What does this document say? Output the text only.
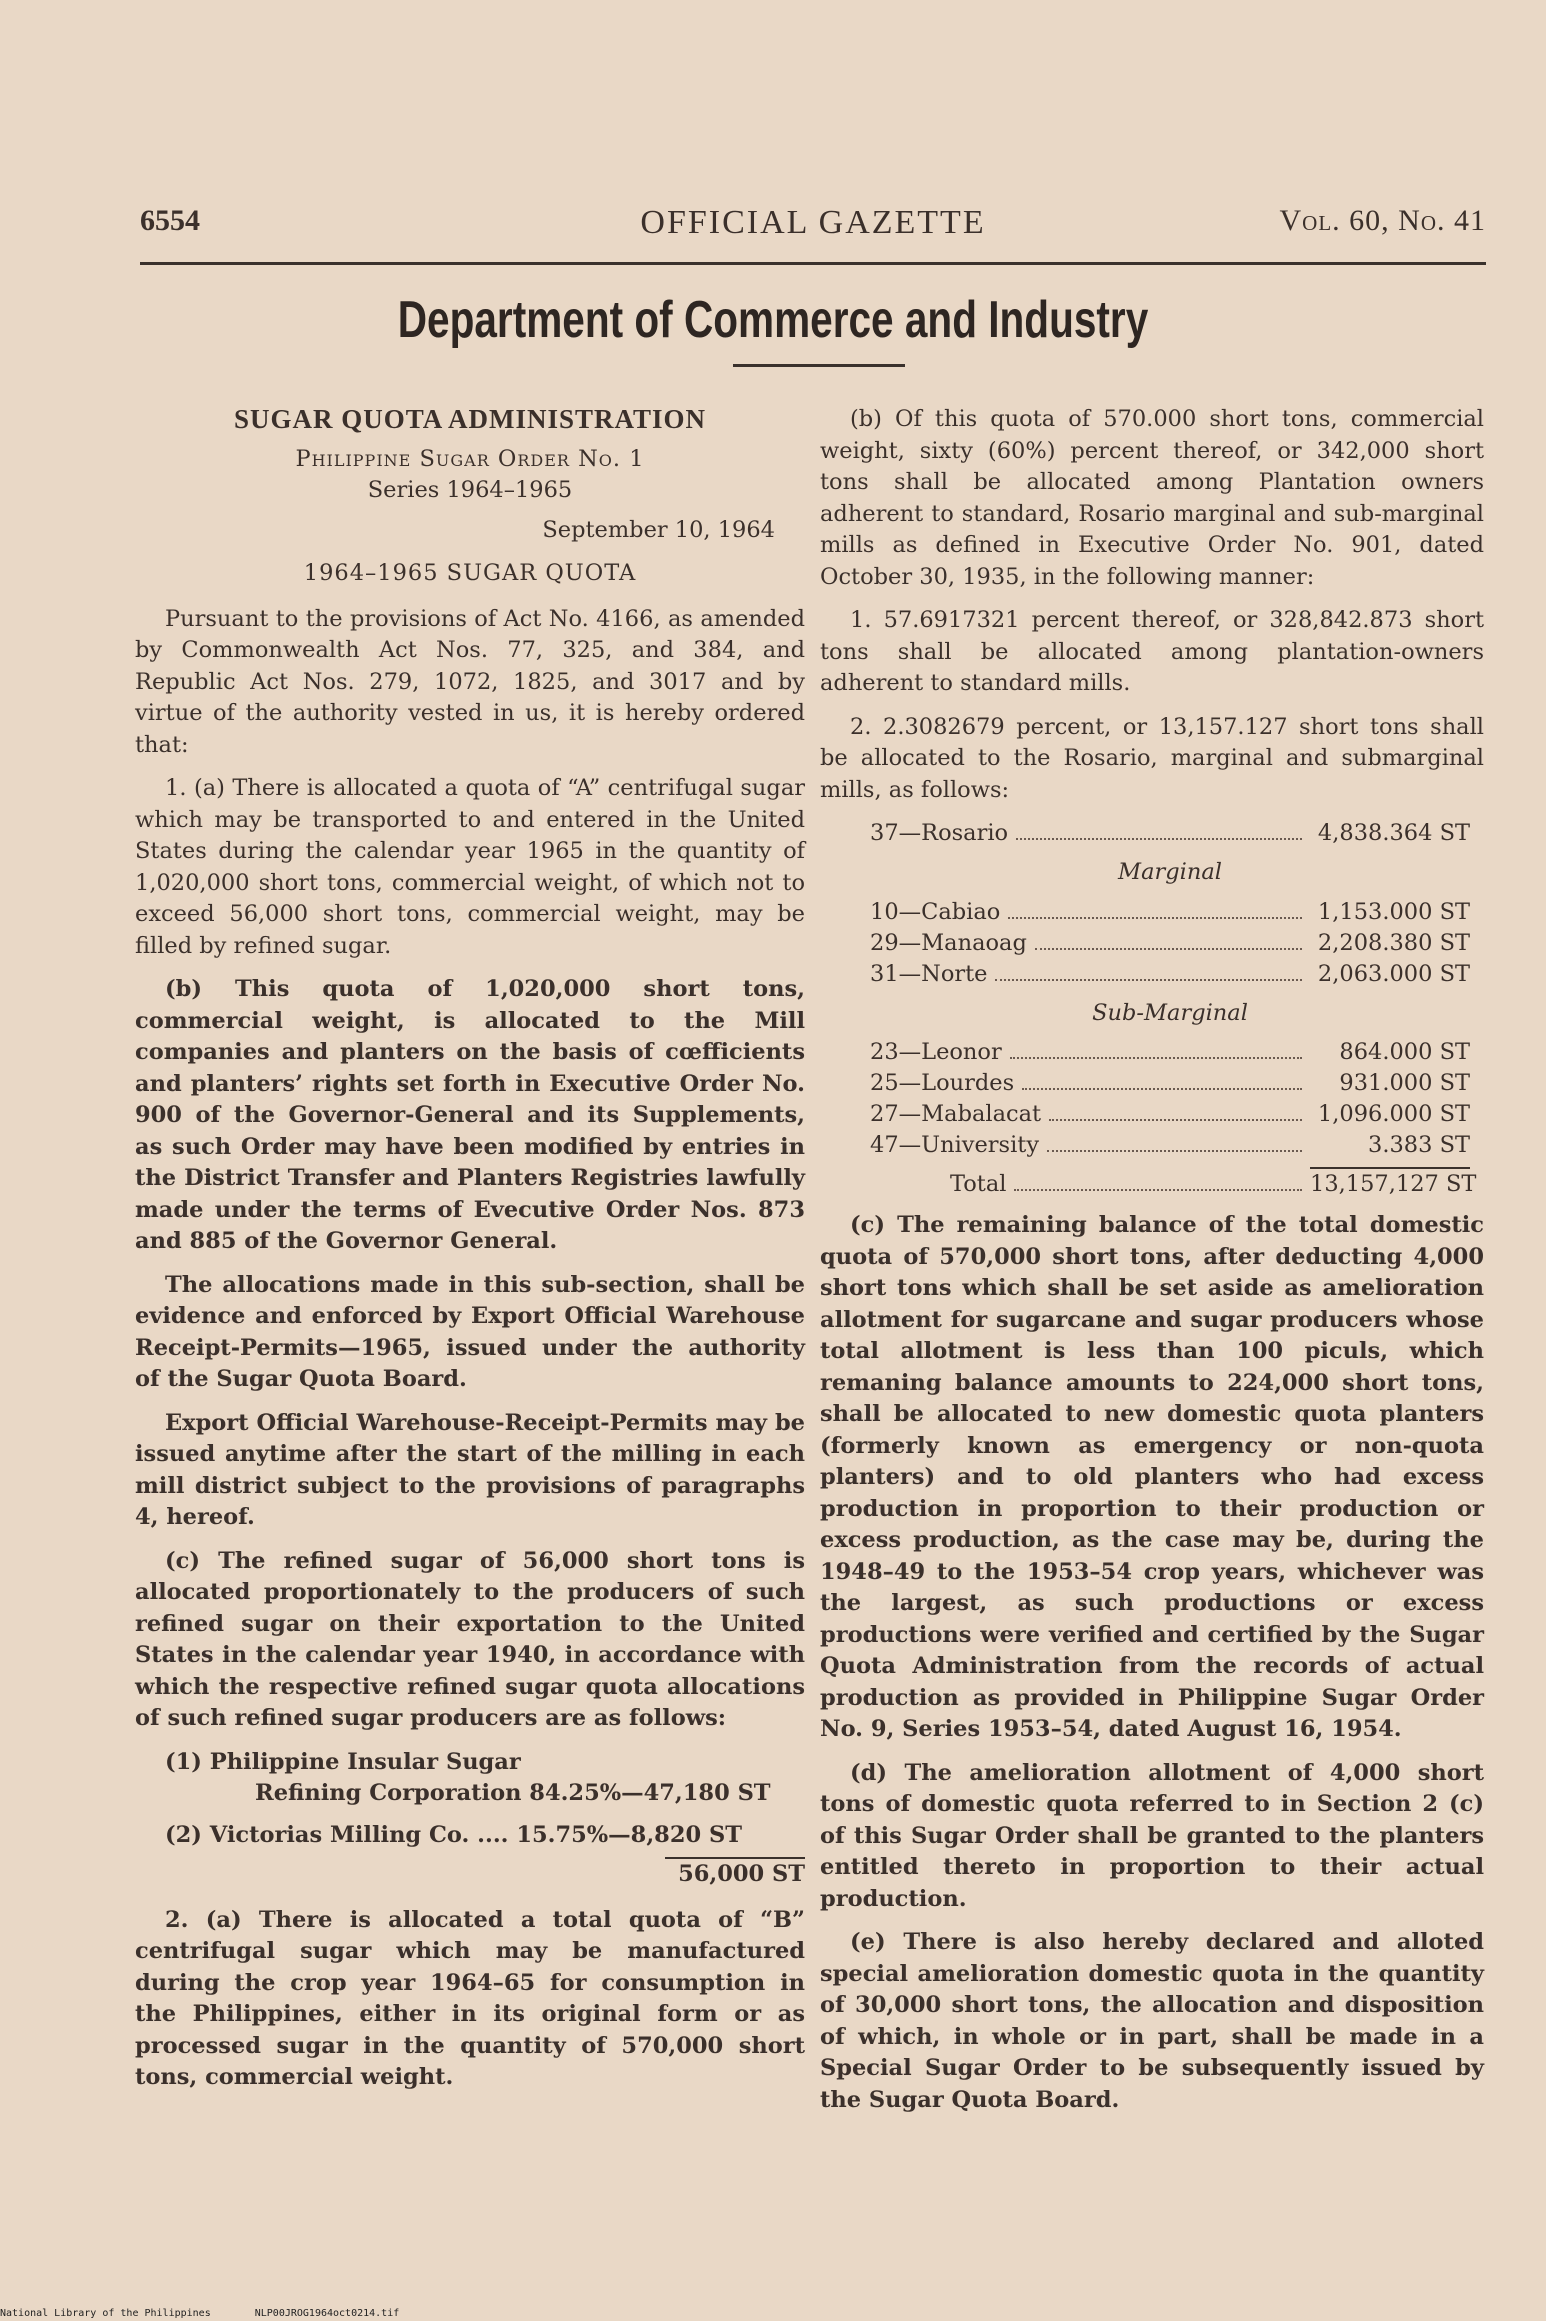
6554	OFFICIAL GAZETTE	Vol. 60, No. 41
Department of Commerce and Industry
SUGAR QUOTA ADMINISTRATION
Philippine Sugar Order No. 1
Series 1964–1965
September 10, 1964
1964–1965 SUGAR QUOTA

Pursuant to the provisions of Act No. 4166, as amended by Commonwealth Act Nos. 77, 325, and 384, and Republic Act Nos. 279, 1072, 1825, and 3017 and by virtue of the authority vested in us, it is hereby ordered that:

1. (a) There is allocated a quota of “A” centrifugal sugar which may be transported to and entered in the United States during the calendar year 1965 in the quantity of 1,020,000 short tons, commercial weight, of which not to exceed 56,000 short tons, commercial weight, may be filled by refined sugar.

(b) This quota of 1,020,000 short tons, commercial weight, is allocated to the Mill companies and planters on the basis of cœfficients and planters’ rights set forth in Executive Order No. 900 of the Governor-General and its Supplements, as such Order may have been modified by entries in the District Transfer and Planters Registries lawfully made under the terms of Evecutive Order Nos. 873 and 885 of the Governor General.

The allocations made in this sub-section, shall be evidence and enforced by Export Official Warehouse Receipt-Permits—1965, issued under the authority of the Sugar Quota Board.

Export Official Warehouse-Receipt-Permits may be issued anytime after the start of the milling in each mill district subject to the provisions of paragraphs 4, hereof.

(c) The refined sugar of 56,000 short tons is allocated proportionately to the producers of such refined sugar on their exportation to the United States in the calendar year 1940, in accordance with which the respective refined sugar quota allocations of such refined sugar producers are as follows:

(1) Philippine Insular Sugar
Refining Corporation 84.25%—47,180 ST
(2) Victorias Milling Co. .... 15.75%—8,820 ST
56,000 ST

2. (a) There is allocated a total quota of “B” centrifugal sugar which may be manufactured during the crop year 1964–65 for consumption in the Philippines, either in its original form or as processed sugar in the quantity of 570,000 short tons, commercial weight.

(b) Of this quota of 570.000 short tons, commercial weight, sixty (60%) percent thereof, or 342,000 short tons shall be allocated among Plantation owners adherent to standard, Rosario marginal and sub-marginal mills as defined in Executive Order No. 901, dated October 30, 1935, in the following manner:

1. 57.6917321 percent thereof, or 328,842.873 short tons shall be allocated among plantation-owners adherent to standard mills.

2. 2.3082679 percent, or 13,157.127 short tons shall be allocated to the Rosario, marginal and submarginal mills, as follows:

37—Rosario	4,838.364 ST
Marginal
10—Cabiao	1,153.000 ST
29—Manaoag	2,208.380 ST
31—Norte	2,063.000 ST
Sub-Marginal
23—Leonor	864.000 ST
25—Lourdes	931.000 ST
27—Mabalacat	1,096.000 ST
47—University	3.383 ST
Total	13,157,127 ST

(c) The remaining balance of the total domestic quota of 570,000 short tons, after deducting 4,000 short tons which shall be set aside as amelioration allotment for sugarcane and sugar producers whose total allotment is less than 100 piculs, which remaning balance amounts to 224,000 short tons, shall be allocated to new domestic quota planters (formerly known as emergency or non-quota planters) and to old planters who had excess production in proportion to their production or excess production, as the case may be, during the 1948–49 to the 1953–54 crop years, whichever was the largest, as such productions or excess productions were verified and certified by the Sugar Quota Administration from the records of actual production as provided in Philippine Sugar Order No. 9, Series 1953–54, dated August 16, 1954.

(d) The amelioration allotment of 4,000 short tons of domestic quota referred to in Section 2 (c) of this Sugar Order shall be granted to the planters entitled thereto in proportion to their actual production.

(e) There is also hereby declared and alloted special amelioration domestic quota in the quantity of 30,000 short tons, the allocation and disposition of which, in whole or in part, shall be made in a Special Sugar Order to be subsequently issued by the Sugar Quota Board.

National Library of the Philippines	NLP00JROG1964oct0214.tif
